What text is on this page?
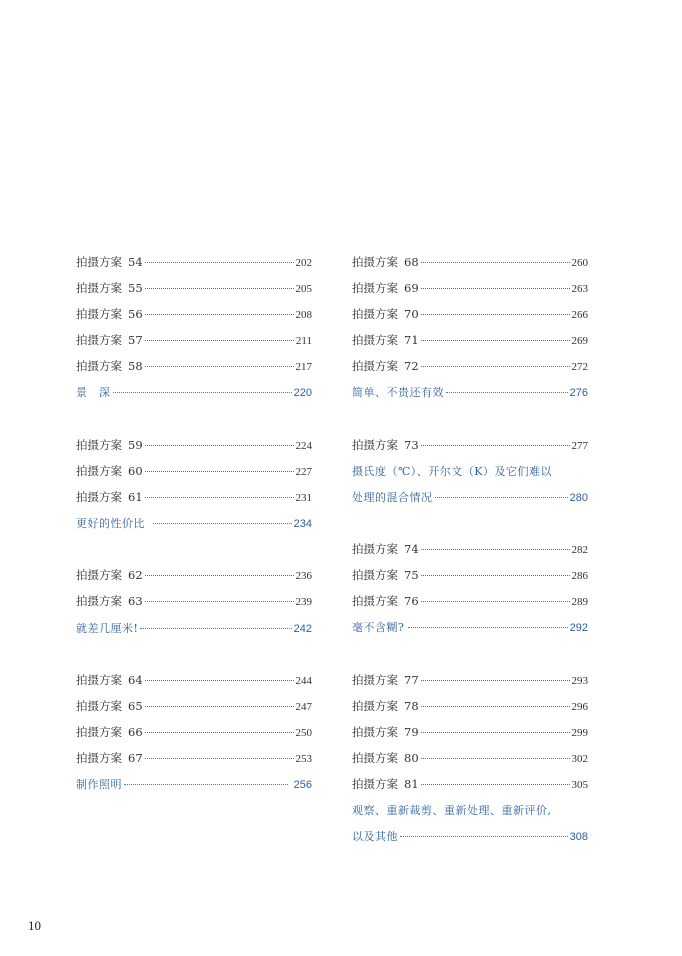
拍摄方案 54	202
拍摄方案 55	205
拍摄方案 56	208
拍摄方案 57	211
拍摄方案 58	217
景　深	220
拍摄方案 59	224
拍摄方案 60	227
拍摄方案 61	231
更好的性价比	234
拍摄方案 62	236
拍摄方案 63	239
就差几厘米!	242
拍摄方案 64	244
拍摄方案 65	247
拍摄方案 66	250
拍摄方案 67	253
制作照明	256
拍摄方案 68	260
拍摄方案 69	263
拍摄方案 70	266
拍摄方案 71	269
拍摄方案 72	272
简单、不贵还有效	276
拍摄方案 73	277
摄氏度（℃）、开尔文（K）及它们难以
处理的混合情况	280
拍摄方案 74	282
拍摄方案 75	286
拍摄方案 76	289
毫不含糊?	292
拍摄方案 77	293
拍摄方案 78	296
拍摄方案 79	299
拍摄方案 80	302
拍摄方案 81	305
观察、重新裁剪、重新处理、重新评价,
以及其他	308
10
